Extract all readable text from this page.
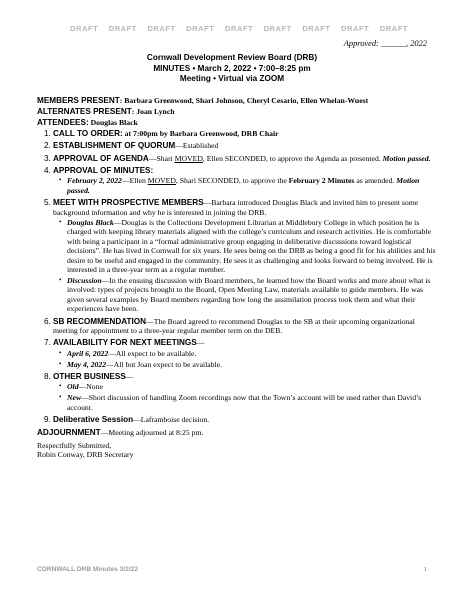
DRAFT DRAFT DRAFT DRAFT DRAFT DRAFT DRAFT DRAFT DRAFT
Approved: ______, 2022
Cornwall Development Review Board (DRB)
MINUTES • March 2, 2022 • 7:00–8:25 pm
Meeting • Virtual via ZOOM
MEMBERS PRESENT: Barbara Greenwood, Shari Johnson, Cheryl Cesario, Ellen Whelan-Wuest
ALTERNATES PRESENT: Joan Lynch
ATTENDEES: Douglas Black
1. CALL TO ORDER: at 7:00pm by Barbara Greenwood, DRB Chair
2. ESTABLISHMENT OF QUORUM—Established
3. APPROVAL OF AGENDA—Shari MOVED, Ellen SECONDED, to approve the Agenda as presented. Motion passed.
4. APPROVAL OF MINUTES:
• February 2, 2022—Ellen MOVED, Shari SECONDED, to approve the February 2 Minutes as amended. Motion passed.
5. MEET WITH PROSPECTIVE MEMBERS—Barbara introduced Douglas Black and invited him to present some background information and why he is interested in joining the DRB.
• Douglas Black—Douglas is the Collections Development Librarian at Middlebury College in which position he is charged with keeping library materials aligned with the college’s curriculum and research activities. He is comfortable with being a participant in a “formal administrative group engaging in deliberative discussions toward logistical decisions”. He has lived in Cornwall for six years. He sees being on the DRB as being a good fit for his abilities and his desire to be useful and engaged in the community. He sees it as challenging and looks forward to being involved. He is interested in a three-year term as a regular member.
• Discussion—In the ensuing discussion with Board members, he learned how the Board works and more about what is involved: types of projects brought to the Board, Open Meeting Law, materials available to guide members. He was given several examples by Board members regarding how long the assimilation process took them and what their experiences have been.
6. SB RECOMMENDATION—The Board agreed to recommend Douglas to the SB at their upcoming organizational meeting for appointment to a three-year regular member term on the DEB.
7. AVAILABILITY FOR NEXT MEETINGS—
• April 6, 2022—All expect to be available.
• May 4, 2022—All but Joan expect to be available.
8. OTHER BUSINESS—
• Old—None
• New—Short discussion of handling Zoom recordings now that the Town’s account will be used rather than David’s account.
9. Deliberative Session—Laframboise decision.
ADJOURNMENT—Meeting adjourned at 8:25 pm.
Respectfully Submitted,
Robin Conway, DRB Secretary
CORNWALL DRB Minutes 3/2/22	1
